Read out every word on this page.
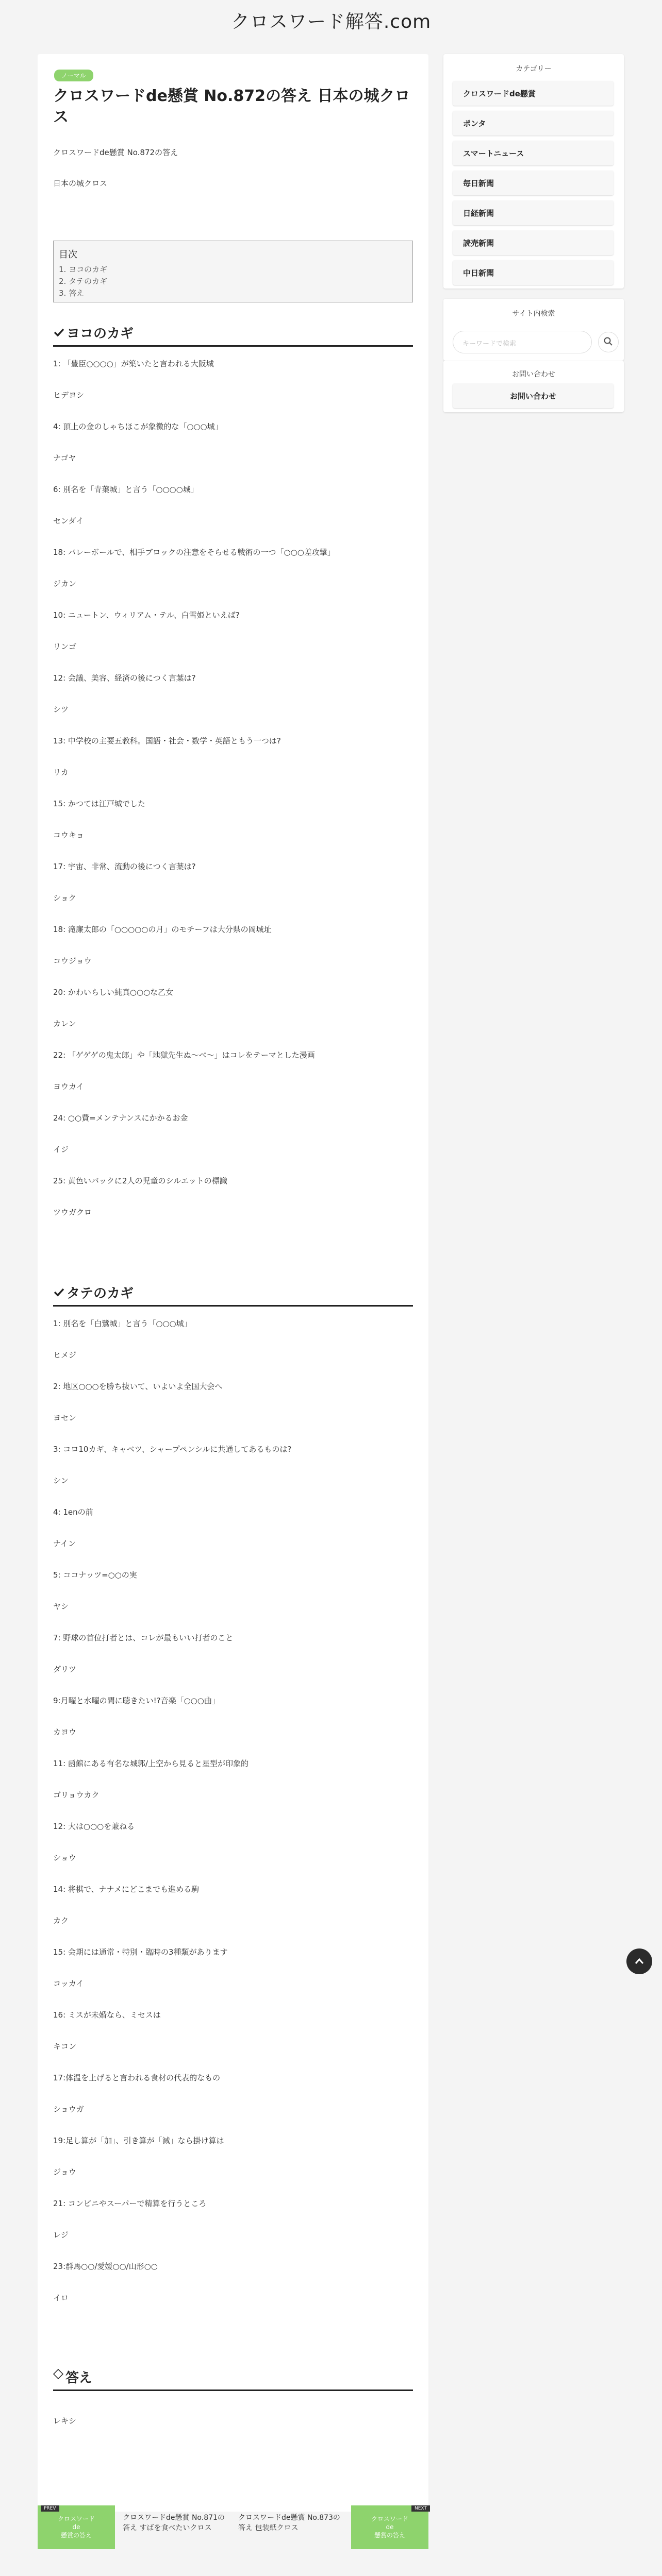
クロスワード解答.com
ノーマル
クロスワードde懸賞 No.872の答え 日本の城クロ
ス

クロスワードde懸賞 No.872の答え

日本の城クロス

目次
1. ヨコのカギ
2. タテのカギ
3. 答え
ヨコのカギ

1: 「豊臣○○○○」が築いたと言われる大阪城

ヒデヨシ

4: 頂上の金のしゃちほこが象徴的な「○○○城」

ナゴヤ

6: 別名を「青葉城」と言う「○○○○城」

センダイ

18: バレーボールで、相手ブロックの注意をそらせる戦術の一つ「○○○差攻撃」

ジカン

10: ニュートン、ウィリアム・テル、白雪姫といえば?

リンゴ

12: 会議、美容、経済の後につく言葉は?

シツ

13: 中学校の主要五教科。国語・社会・数学・英語ともう一つは?

リカ

15: かつては江戸城でした

コウキョ

17: 宇宙、非常、流動の後につく言葉は?

ショク

18: 滝廉太郎の「○○○○○の月」のモチーフは大分県の岡城址

コウジョウ

20: かわいらしい純真○○○な乙女

カレン

22: 「ゲゲゲの鬼太郎」や「地獄先生ぬ～べ～」はコレをテーマとした漫画

ヨウカイ

24: ○○費=メンテナンスにかかるお金

イジ

25: 黄色いバックに2人の児童のシルエットの標識

ツウガクロ

タテのカギ

1: 別名を「白鷺城」と言う「○○○城」

ヒメジ

2: 地区○○○を勝ち抜いて、いよいよ全国大会へ

ヨセン

3: コロ10カギ、キャベツ、シャープペンシルに共通してあるものは?

シン

4: 1enの前

ナイン

5: ココナッツ=○○の実

ヤシ

7: 野球の首位打者とは、コレが最もいい打者のこと

ダリツ

9:月曜と水曜の間に聴きたい!?音楽「○○○曲」

カヨウ

11: 函館にある有名な城郭/上空から見ると星型が印象的

ゴリョウカク

12: 大は○○○を兼ねる

ショウ

14: 将棋で、ナナメにどこまでも進める駒

カク

15: 会期には通常・特別・臨時の3種類があります

コッカイ

16: ミスが未婚なら、ミセスは

キコン

17:体温を上げると言われる食材の代表的なもの

ショウガ

19:足し算が「加」、引き算が「減」なら掛け算は

ジョウ

21: コンビニやスーパーで精算を行うところ

レジ

23:群馬○○/愛媛○○/山形○○

イロ

答え

レキシ

クロスワード
de
懸賞の答え
PREV
クロスワードde懸賞 No.871の答え すばを食べたいクロス
クロスワードde懸賞 No.873の答え 包装紙クロス
クロスワード
de
懸賞の答え
NEXT
カテゴリー
クロスワードde懸賞
ポンタ
スマートニュース
毎日新聞
日経新聞
読売新聞
中日新聞
サイト内検索
キーワードで検索
お問い合わせ
お問い合わせ
